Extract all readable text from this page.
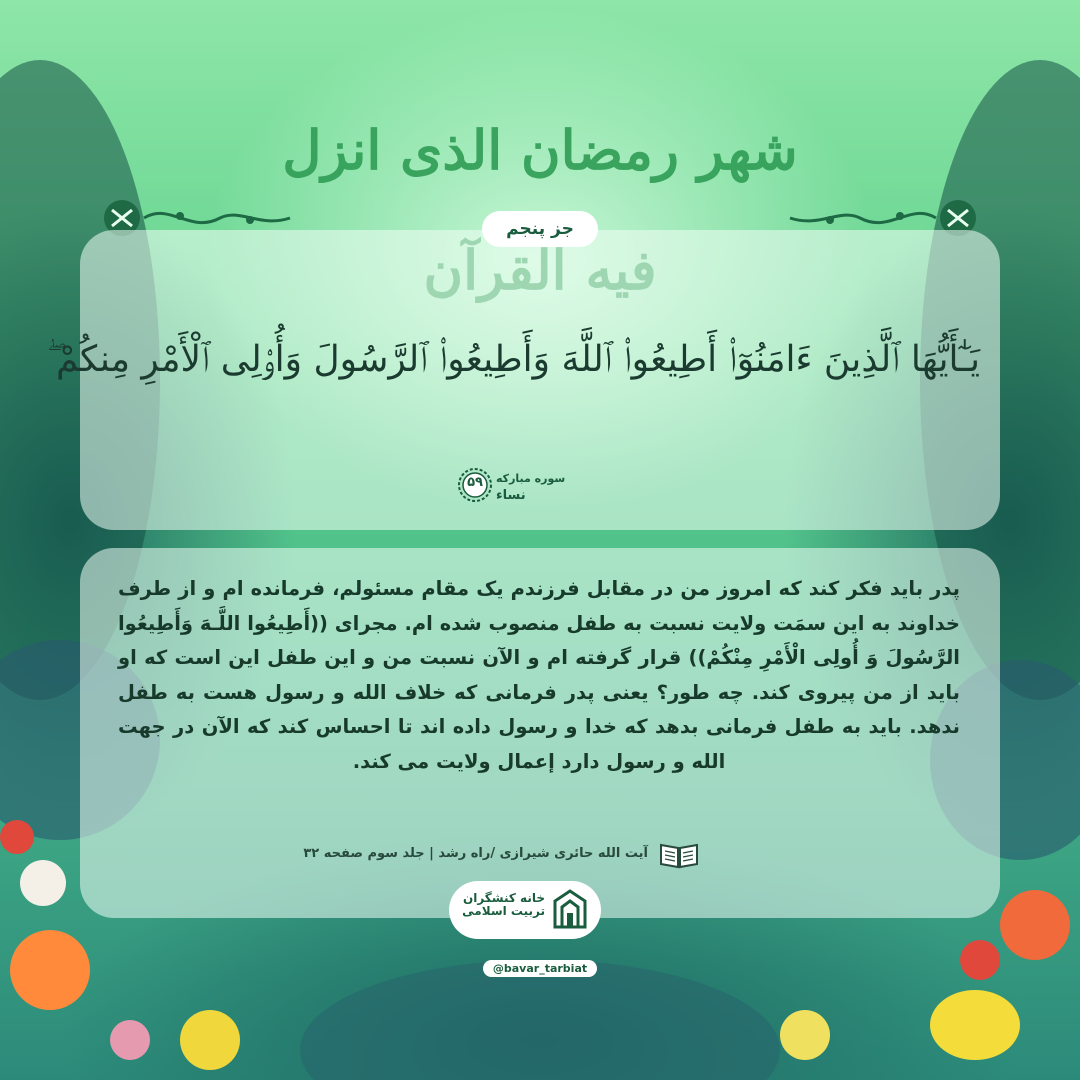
شهر رمضان الذی انزل
جز پنجم
يَـٰٓأَيُّهَا ٱلَّذِينَ ءَامَنُوٓا۟ أَطِيعُوا۟ ٱللَّهَ وَأَطِيعُوا۟ ٱلرَّسُولَ وَأُو۟لِى ٱلْأَمْرِ مِنكُمْ ۖ
۵۹	سوره مبارکه
نساء
پدر باید فکر کند که امروز من در مقابل فرزندم یک مقام مسئولم، فرمانده ام و از طرف خداوند به این سمَت ولایت نسبت به طفل منصوب شده ام. مجرای ((أَطِیعُوا اللَّـهَ وَأَطِیعُوا الرَّسُولَ وَ أُولِی الْأَمْرِ مِنْکُمْ)) قرار گرفته ام و الآن نسبت من و این طفل این است که او باید از من پیروی کند. چه طور؟ یعنی پدر فرمانی که خلاف الله و رسول هست به طفل ندهد. باید به طفل فرمانی بدهد که خدا و رسول داده اند تا احساس کند که الآن در جهت الله و رسول دارد إعمال ولایت می کند.
آیت الله حائری شیرازی /راه رشد | جلد سوم صفحه ۳۲
خانه کنشگران
تربیت اسلامی
@bavar_tarbiat
